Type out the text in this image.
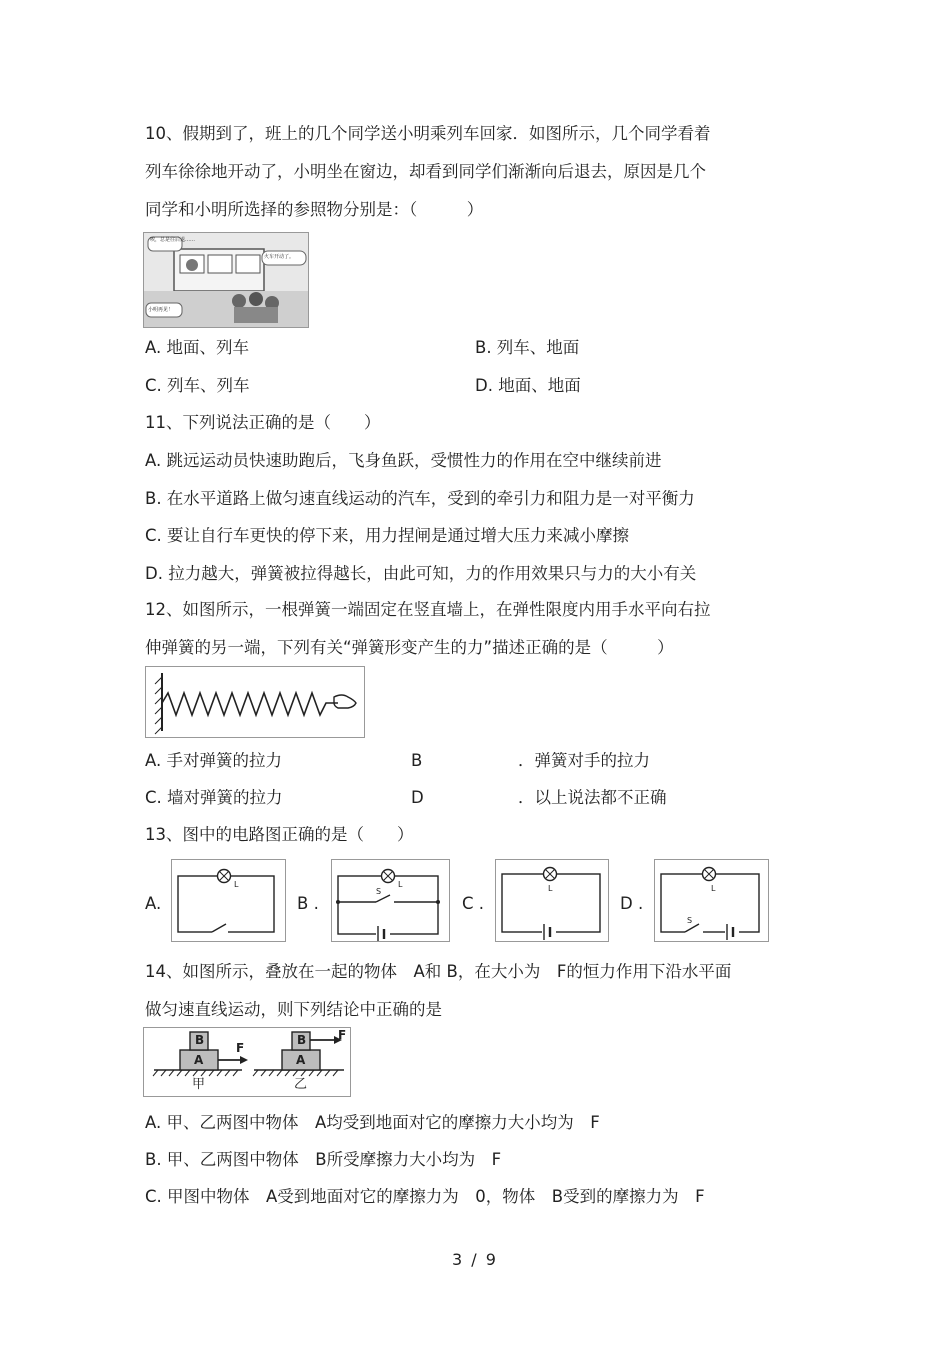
10、假期到了，班上的几个同学送小明乘列车回家．如图所示，几个同学看着
列车徐徐地开动了，小明坐在窗边，却看到同学们渐渐向后退去，原因是几个
同学和小明所选择的参照物分别是：（　　　）
唉，总是往后退……
火车开动了。
小明再见！
A. 地面、列车	B. 列车、地面
C. 列车、列车	D. 地面、地面
11、下列说法正确的是（　　）
A. 跳远运动员快速助跑后，飞身鱼跃，受惯性力的作用在空中继续前进
B. 在水平道路上做匀速直线运动的汽车，受到的牵引力和阻力是一对平衡力
C. 要让自行车更快的停下来，用力捏闸是通过增大压力来减小摩擦
D. 拉力越大，弹簧被拉得越长，由此可知，力的作用效果只与力的大小有关
12、如图所示，一根弹簧一端固定在竖直墙上，在弹性限度内用手水平向右拉
伸弹簧的另一端，下列有关“弹簧形变产生的力”描述正确的是（　　　）
A. 手对弹簧的拉力	B	．弹簧对手的拉力
C. 墙对弹簧的拉力	D	．以上说法都不正确
13、图中的电路图正确的是（　　）
A.
L
B .
S
L
C .
L
D .
L
S
14、如图所示，叠放在一起的物体　A和 B，在大小为　F的恒力作用下沿水平面
做匀速直线运动，则下列结论中正确的是
B
A
F
B
A
F
甲	乙
A. 甲、乙两图中物体　A均受到地面对它的摩擦力大小均为　F
B. 甲、乙两图中物体　B所受摩擦力大小均为　F
C. 甲图中物体　A受到地面对它的摩擦力为　0，物体　B受到的摩擦力为　F
3 / 9
